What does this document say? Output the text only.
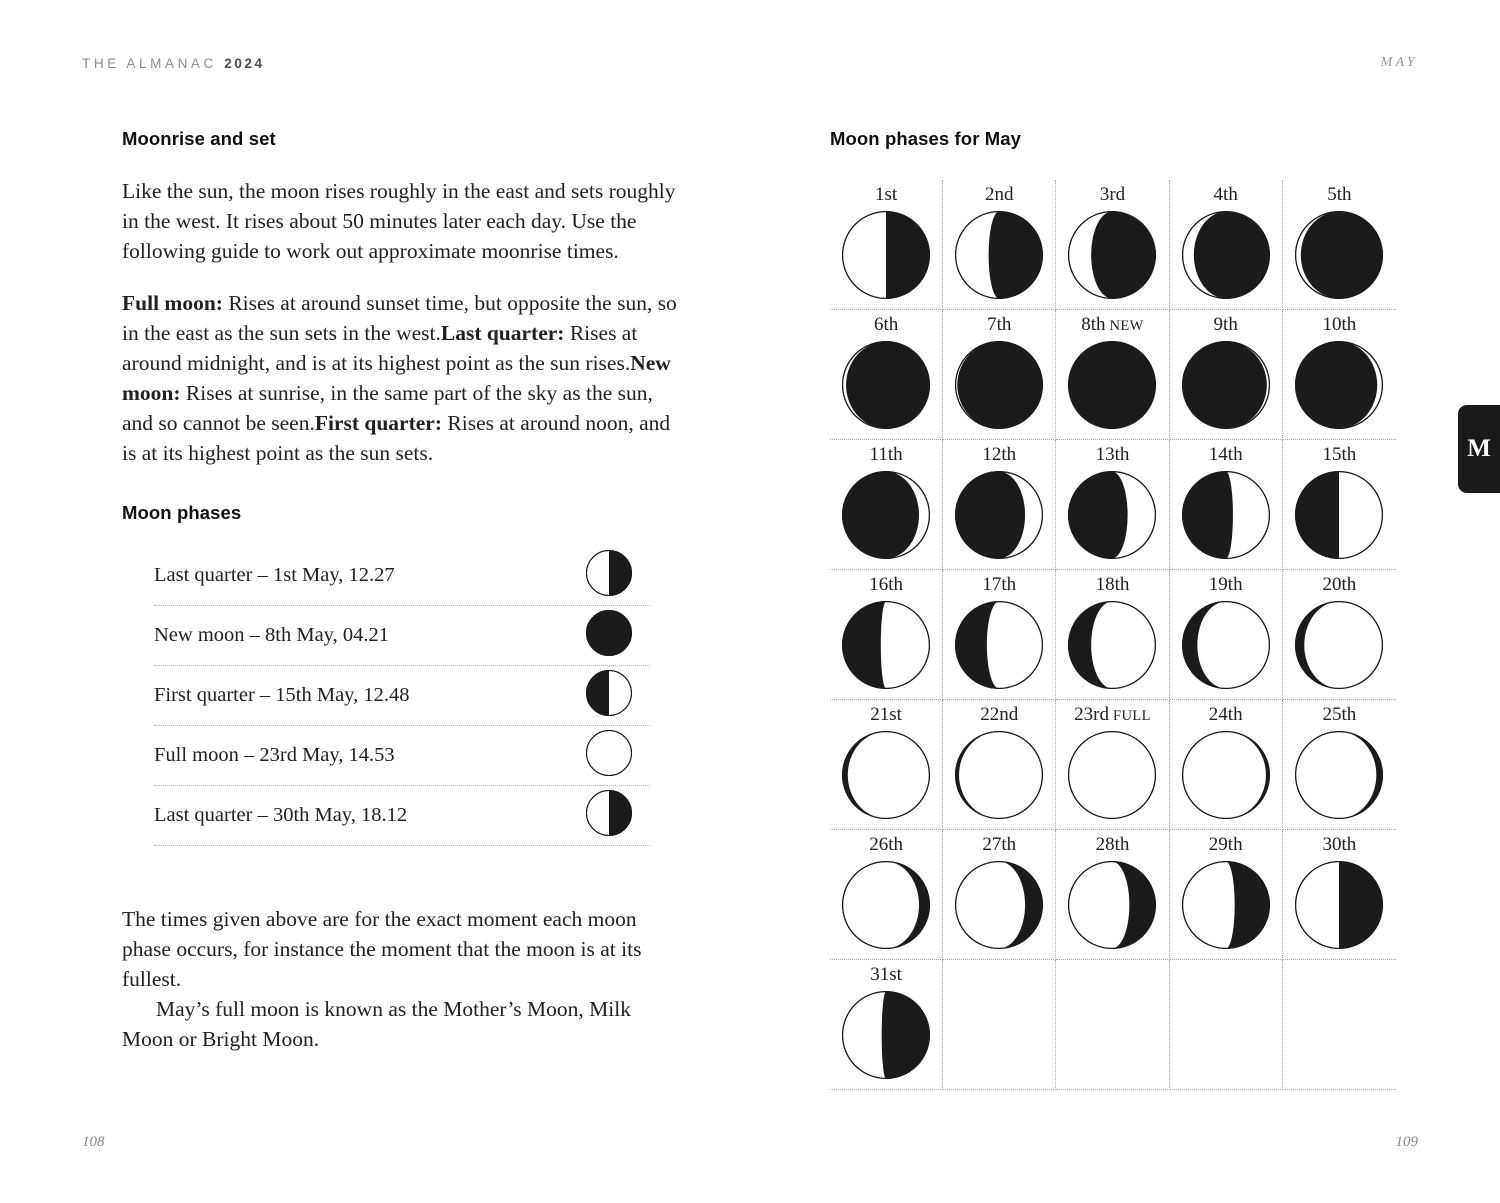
THE ALMANAC 2024	MAY
M
Moonrise and set

Like the sun, the moon rises roughly in the east and sets roughly in the west. It rises about 50 minutes later each day. Use the following guide to work out approximate moonrise times.

Full moon: Rises at around sunset time, but opposite the sun, so in the east as the sun sets in the west.Last quarter: Rises at around midnight, and is at its highest point as the sun rises.New moon: Rises at sunrise, in the same part of the sky as the sun, and so cannot be seen.First quarter: Rises at around noon, and is at its highest point as the sun sets.
Moon phases
Last quarter – 1st May, 12.27
New moon – 8th May, 04.21
First quarter – 15th May, 12.48
Full moon – 23rd May, 14.53
Last quarter – 30th May, 18.12

The times given above are for the exact moment each moon phase occurs, for instance the moment that the moon is at its fullest.

May’s full moon is known as the Mother’s Moon, Milk Moon or Bright Moon.

Moon phases for May
1st	2nd	3rd	4th	5th
6th	7th	8th NEW	9th	10th
11th	12th	13th	14th	15th
16th	17th	18th	19th	20th
21st	22nd	23rd FULL	24th	25th
26th	27th	28th	29th	30th
31st
108	109
